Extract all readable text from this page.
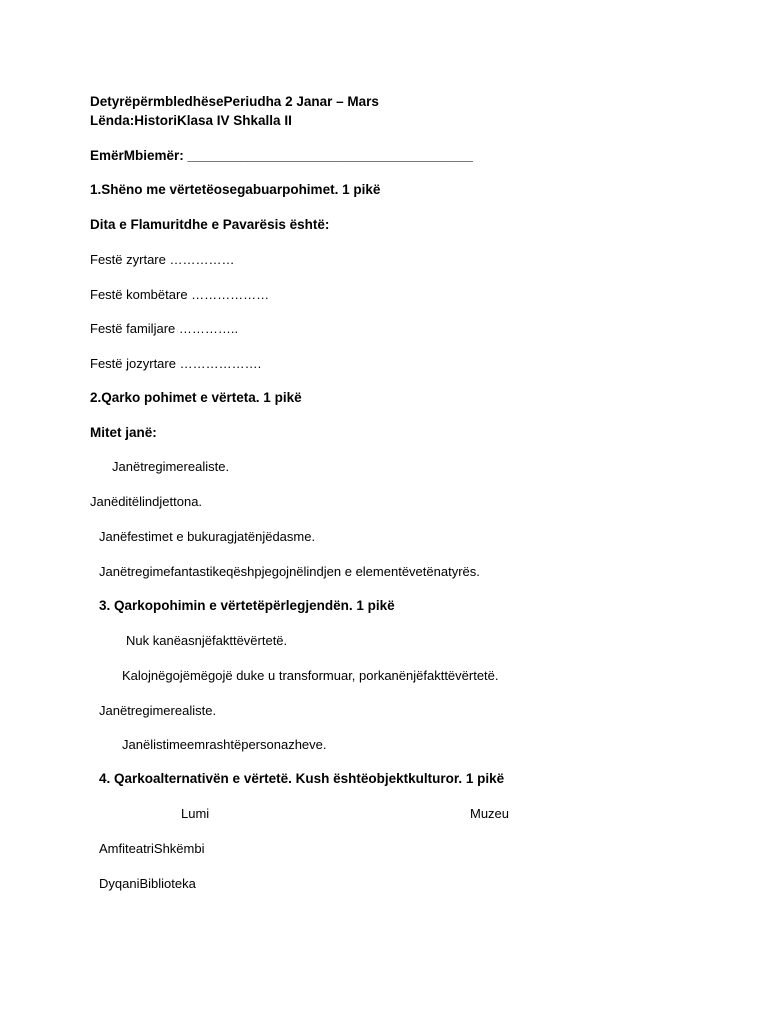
DetyrëpërmbledhësePeriudha 2 Janar – Mars
Lënda:HistoriKlasa IV Shkalla II
EmërMbiemër: ______________________________________
1.Shëno me vërtetëosegabuarpohimet. 1 pikë
Dita e Flamuritdhe e Pavarësis është:
Festë zyrtare ……………
Festë kombëtare ………………
Festë familjare …………..
Festë jozyrtare ……………….
2.Qarko pohimet e vërteta. 1 pikë
Mitet janë:
Janëtregimerealiste.
Janëditëlindjettona.
Janëfestimet e bukuragjatënjëdasme.
Janëtregimefantastikeqëshpjegojnëlindjen e elementëvetënatyrës.
3. Qarkopohimin e vërtetëpërlegjendën. 1 pikë
Nuk kanëasnjëfakttëvërtetë.
Kalojnëgojëmëgojë duke u transformuar, porkanënjëfakttëvërtetë.
Janëtregimerealiste.
Janëlistimeemrashtëpersonazheve.
4. Qarkoalternativën e vërtetë. Kush ështëobjektkulturor. 1 pikë
Lumi	Muzeu
AmfiteatriShkëmbi
DyqaniBiblioteka
